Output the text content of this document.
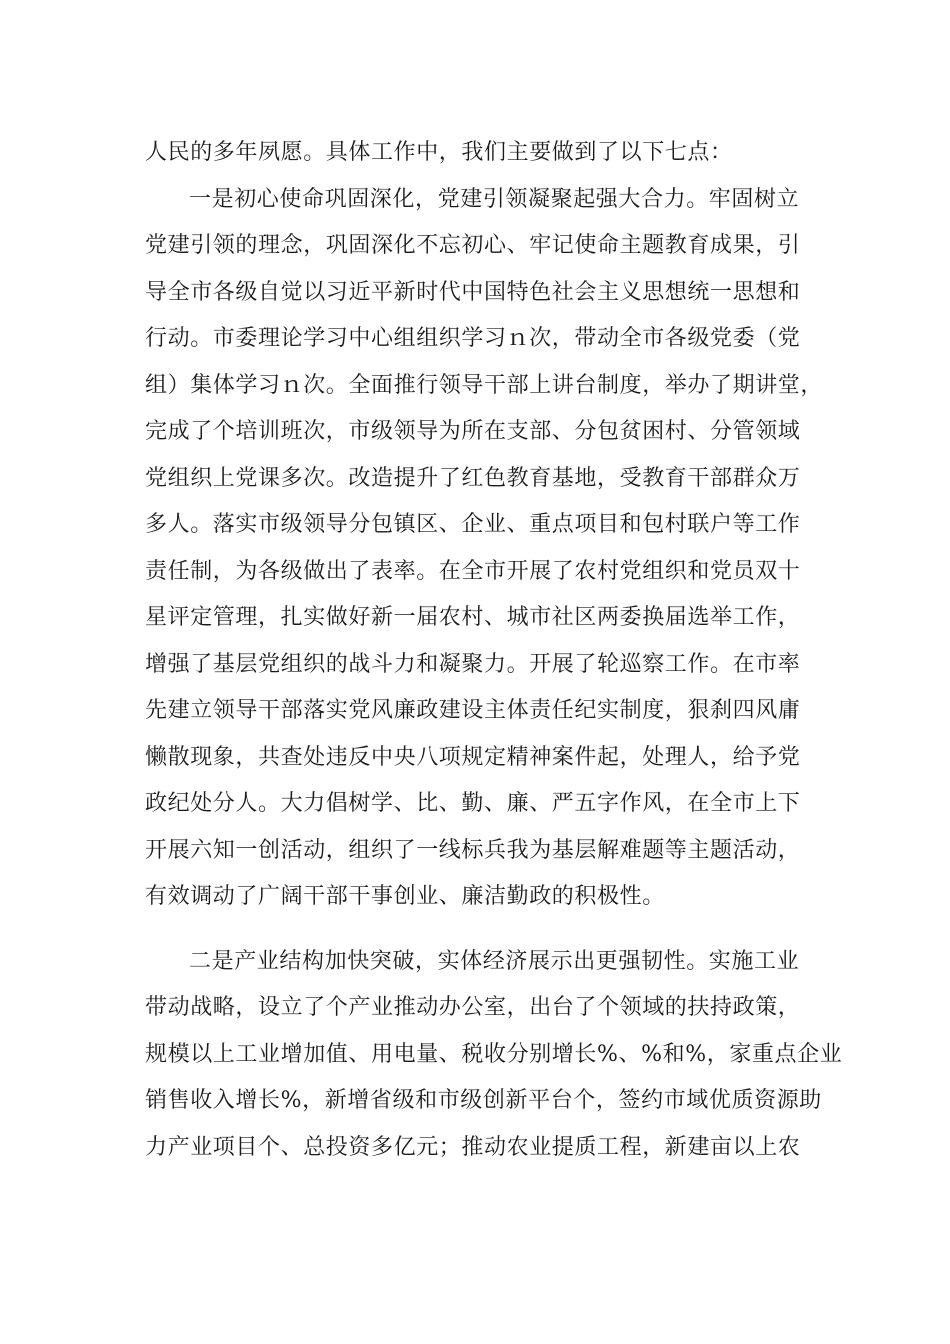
人民的多年夙愿。具体工作中，我们主要做到了以下七点：
一是初心使命巩固深化，党建引领凝聚起强大合力。牢固树立
党建引领的理念，巩固深化不忘初心、牢记使命主题教育成果，引
导全市各级自觉以习近平新时代中国特色社会主义思想统一思想和
行动。市委理论学习中心组组织学习ｎ次，带动全市各级党委（党
组）集体学习ｎ次。全面推行领导干部上讲台制度，举办了期讲堂，
完成了个培训班次，市级领导为所在支部、分包贫困村、分管领域
党组织上党课多次。改造提升了红色教育基地，受教育干部群众万
多人。落实市级领导分包镇区、企业、重点项目和包村联户等工作
责任制，为各级做出了表率。在全市开展了农村党组织和党员双十
星评定管理，扎实做好新一届农村、城市社区两委换届选举工作，
增强了基层党组织的战斗力和凝聚力。开展了轮巡察工作。在市率
先建立领导干部落实党风廉政建设主体责任纪实制度，狠刹四风庸
懒散现象，共查处违反中央八项规定精神案件起，处理人，给予党
政纪处分人。大力倡树学、比、勤、廉、严五字作风，在全市上下
开展六知一创活动，组织了一线标兵我为基层解难题等主题活动，
有效调动了广阔干部干事创业、廉洁勤政的积极性。
二是产业结构加快突破，实体经济展示出更强韧性。实施工业
带动战略，设立了个产业推动办公室，出台了个领域的扶持政策，
规模以上工业增加值、用电量、税收分别增长%、%和%，家重点企业
销售收入增长%，新增省级和市级创新平台个，签约市域优质资源助
力产业项目个、总投资多亿元；推动农业提质工程，新建亩以上农
